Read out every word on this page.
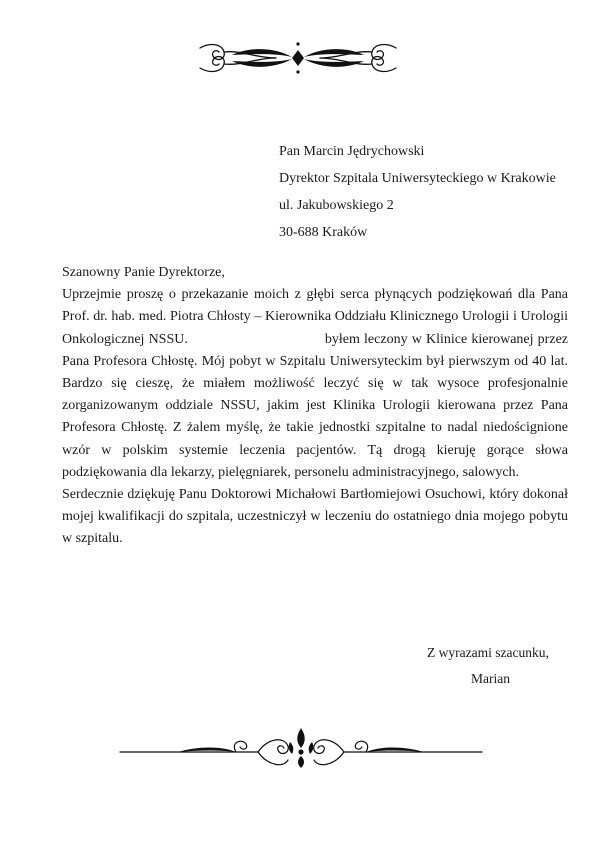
Pan Marcin Jędrychowski
Dyrektor Szpitala Uniwersyteckiego w Krakowie
ul. Jakubowskiego 2
30-688 Kraków

Szanowny Panie Dyrektorze,

Uprzejmie proszę o przekazanie moich z głębi serca płynących podziękowań dla Pana Prof. dr. hab. med. Piotra Chłosty – Kierownika Oddziału Klinicznego Urologii i Urologii Onkologicznej NSSU.                                 byłem leczony w Klinice kierowanej przez Pana Profesora Chłostę. Mój pobyt w Szpitalu Uniwersyteckim był pierwszym od 40 lat. Bardzo się cieszę, że miałem możliwość leczyć się w tak wysoce profesjonalnie zorganizowanym oddziale NSSU, jakim jest Klinika Urologii kierowana przez Pana Profesora Chłostę. Z żalem myślę, że takie jednostki szpitalne to nadal niedoścignione wzór w polskim systemie leczenia pacjentów. Tą drogą kieruję gorące słowa podziękowania dla lekarzy, pielęgniarek, personelu administracyjnego, salowych.

Serdecznie dziękuję Panu Doktorowi Michałowi Bartłomiejowi Osuchowi, który dokonał mojej kwalifikacji do szpitala, uczestniczył w leczeniu do ostatniego dnia mojego pobytu w szpitalu.

Z wyrazami szacunku,
Marian
